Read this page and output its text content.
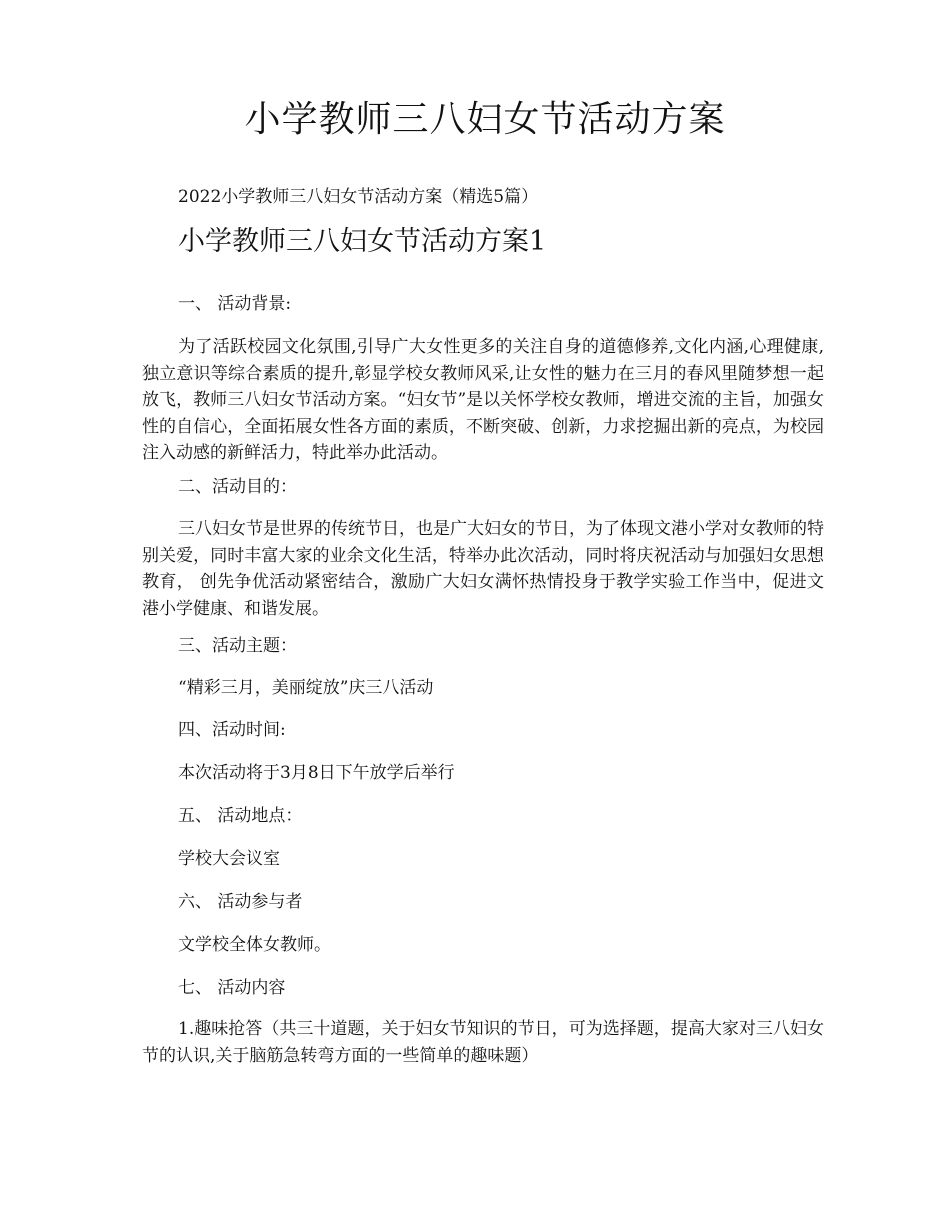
小学教师三八妇女节活动方案

2022小学教师三八妇女节活动方案（精选5篇）

小学教师三八妇女节活动方案1

一、 活动背景:

为了活跃校园文化氛围,引导广大女性更多的关注自身的道德修养,文化内涵,心理健康,独立意识等综合素质的提升,彰显学校女教师风采,让女性的魅力在三月的春风里随梦想一起放飞，教师三八妇女节活动方案。“妇女节”是以关怀学校女教师，增进交流的主旨，加强女性的自信心，全面拓展女性各方面的素质，不断突破、创新，力求挖掘出新的亮点，为校园注入动感的新鲜活力，特此举办此活动。

二、活动目的：

三八妇女节是世界的传统节日，也是广大妇女的节日，为了体现文港小学对女教师的特别关爱，同时丰富大家的业余文化生活，特举办此次活动，同时将庆祝活动与加强妇女思想教育， 创先争优活动紧密结合，激励广大妇女满怀热情投身于教学实验工作当中，促进文港小学健康、和谐发展。

三、活动主题：

“精彩三月，美丽绽放”庆三八活动

四、活动时间:

本次活动将于3月8日下午放学后举行

五、 活动地点：

学校大会议室

六、 活动参与者

文学校全体女教师。

七、 活动内容

1.趣味抢答（共三十道题，关于妇女节知识的节日，可为选择题，提高大家对三八妇女节的认识,关于脑筋急转弯方面的一些简单的趣味题）
